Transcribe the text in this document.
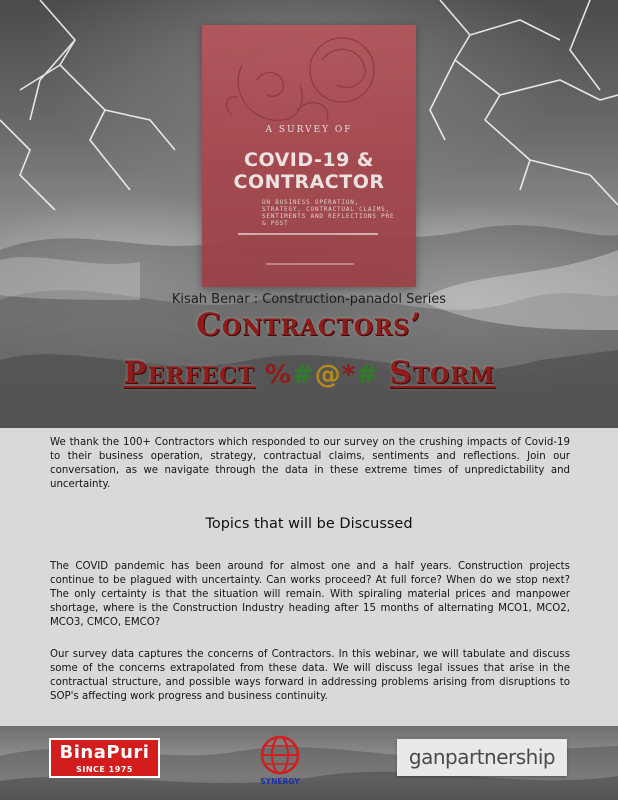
A SURVEY OF
COVID-19 &
CONTRACTOR
ON BUSINESS OPERATION, STRATEGY, CONTRACTUAL CLAIMS, SENTIMENTS AND REFLECTIONS PRE & POST
Kisah Benar : Construction-panadol Series
Contractors’
Perfect %#@*# Storm

We thank the 100+ Contractors which responded to our survey on the crushing impacts of Covid-19 to their business operation, strategy, contractual claims, sentiments and reflections. Join our conversation, as we navigate through the data in these extreme times of unpredictability and uncertainty.

Topics that will be Discussed

The COVID pandemic has been around for almost one and a half years. Construction projects continue to be plagued with uncertainty. Can works proceed? At full force? When do we stop next? The only certainty is that the situation will remain. With spiraling material prices and manpower shortage, where is the Construction Industry heading after 15 months of alternating MCO1, MCO2, MCO3, CMCO, EMCO?

Our survey data captures the concerns of Contractors. In this webinar, we will tabulate and discuss some of the concerns extrapolated from these data. We will discuss legal issues that arise in the contractual structure, and possible ways forward in addressing problems arising from disruptions to SOP's affecting work progress and business continuity.

BinaPuri
SINCE 1975
SYNERGY
ganpartnership
